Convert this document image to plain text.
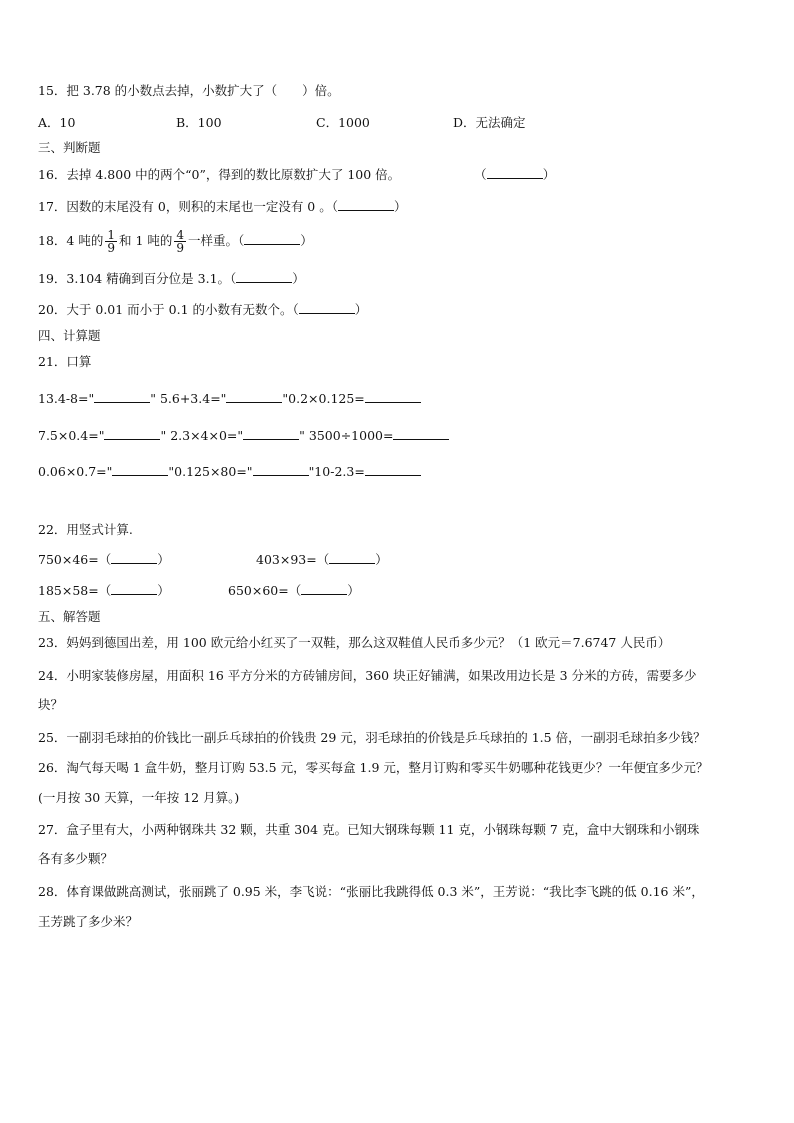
15．把 3.78 的小数点去掉，小数扩大了（　　）倍。
A．10	B．100	C．1000	D．无法确定
三、判断题
16．去掉 4.800 中的两个“0”，得到的数比原数扩大了 100 倍。	（	）
17．因数的末尾没有 0，则积的末尾也一定没有 0 。（	）
18．4 吨的 $\frac{1}{9}$ 和 1 吨的 $\frac{4}{9}$ 一样重。（	）
19．3.104 精确到百分位是 3.1。（	）
20．大于 0.01 而小于 0.1 的小数有无数个。（	）
四、计算题
21．口算
13.4-8="	" 5.6+3.4="	"0.2×0.125=
7.5×0.4="	" 2.3×4×0="	" 3500÷1000=
0.06×0.7="	"0.125×80="	"10-2.3=
22．用竖式计算.
750×46=（	）	403×93=（	）
185×58=（	）	650×60=（	）
五、解答题
23．妈妈到德国出差，用 100 欧元给小红买了一双鞋，那么这双鞋值人民币多少元？（1 欧元＝7.6747 人民币）
24．小明家装修房屋，用面积 16 平方分米的方砖铺房间，360 块正好铺满，如果改用边长是 3 分米的方砖，需要多少
块？
25．一副羽毛球拍的价钱比一副乒乓球拍的价钱贵 29 元，羽毛球拍的价钱是乒乓球拍的 1.5 倍，一副羽毛球拍多少钱？
26．淘气每天喝 1 盒牛奶，整月订购 53.5 元，零买每盒 1.9 元，整月订购和零买牛奶哪种花钱更少？一年便宜多少元？
(一月按 30 天算，一年按 12 月算。)
27．盒子里有大，小两种钢珠共 32 颗，共重 304 克。已知大钢珠每颗 11 克，小钢珠每颗 7 克，盒中大钢珠和小钢珠
各有多少颗？
28．体育课做跳高测试，张丽跳了 0.95 米，李飞说：“张丽比我跳得低 0.3 米”，王芳说：“我比李飞跳的低 0.16 米”，
王芳跳了多少米？
